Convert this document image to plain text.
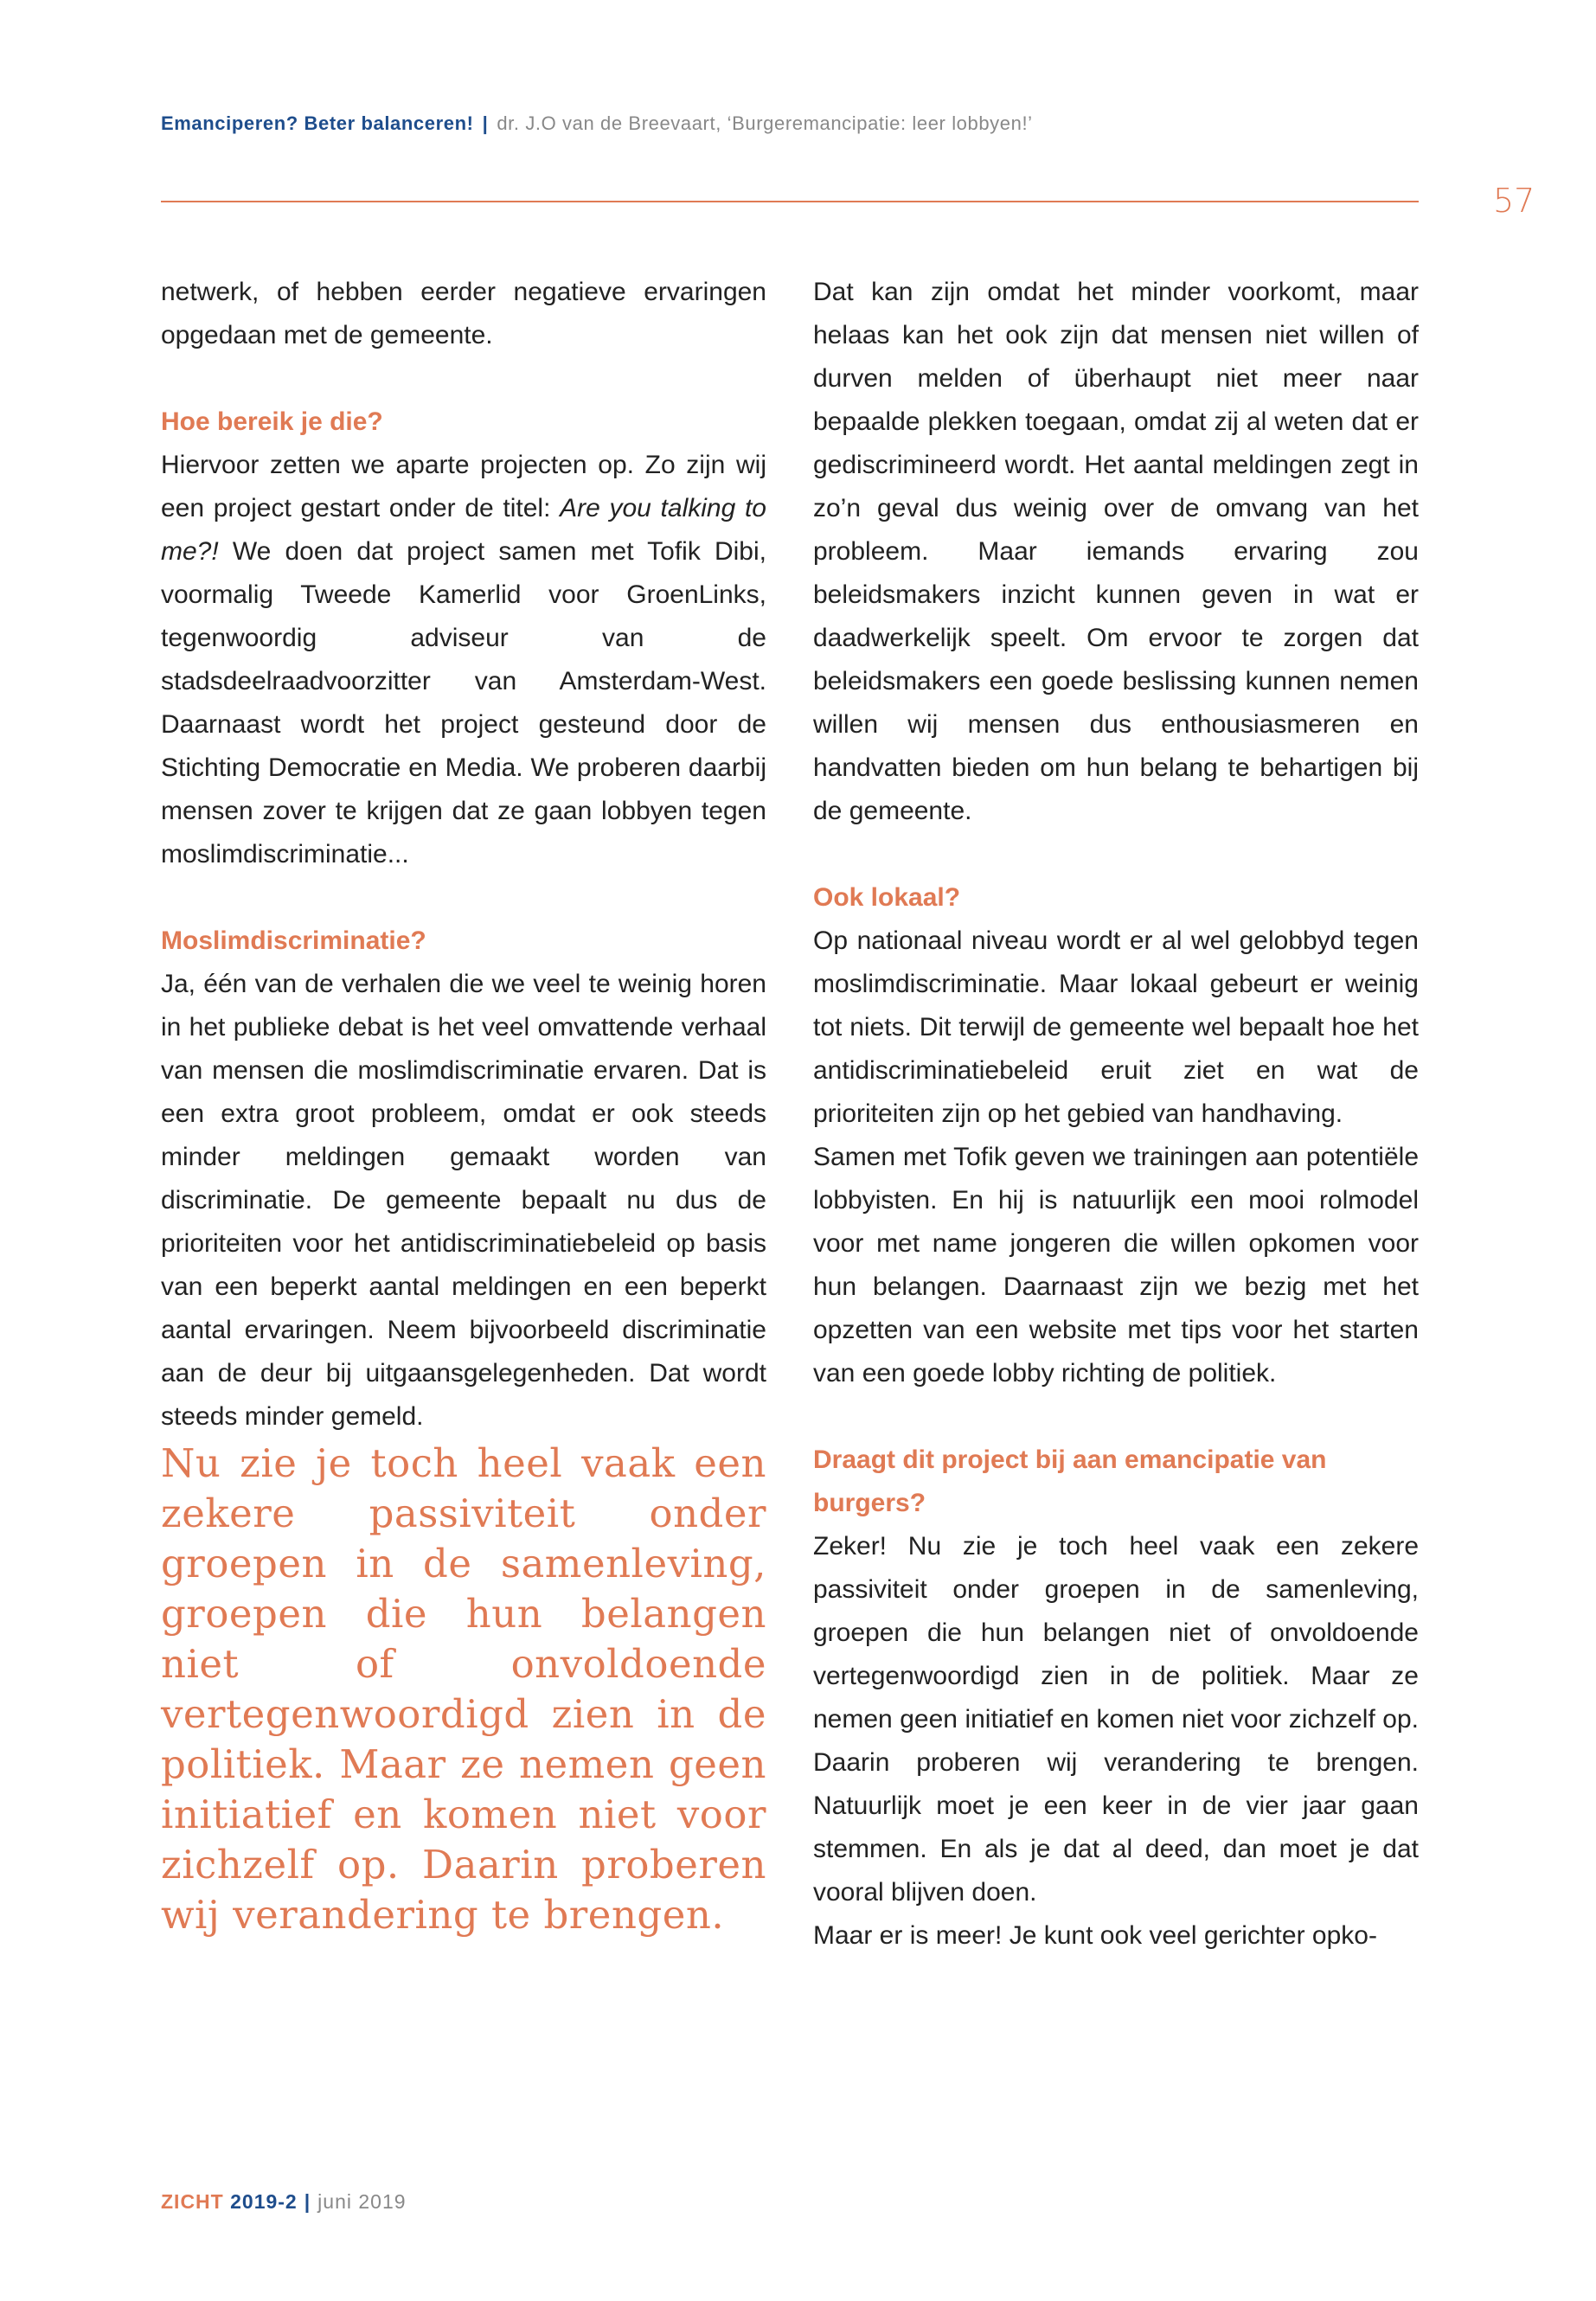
Emanciperen? Beter balanceren! | dr. J.O van de Breevaart, ‘Burgeremancipatie: leer lobbyen!’
57

netwerk, of hebben eerder negatieve ervaringen opgedaan met de gemeente.

Hoe bereik je die?

Hiervoor zetten we aparte projecten op. Zo zijn wij een project gestart onder de titel: Are you talking to me?! We doen dat project samen met Tofik Dibi, voormalig Tweede Kamerlid voor GroenLinks, tegenwoordig adviseur van de stadsdeelraadvoorzitter van Amsterdam-West. Daarnaast wordt het project gesteund door de Stichting Democratie en Media. We proberen daarbij mensen zover te krijgen dat ze gaan lobbyen tegen moslimdiscriminatie...

Moslimdiscriminatie?

Ja, één van de verhalen die we veel te weinig horen in het publieke debat is het veel omvattende verhaal van mensen die moslimdiscriminatie ervaren. Dat is een extra groot probleem, omdat er ook steeds minder meldingen gemaakt worden van discriminatie. De gemeente bepaalt nu dus de prioriteiten voor het antidiscriminatiebeleid op basis van een beperkt aantal meldingen en een beperkt aantal ervaringen. Neem bijvoorbeeld discriminatie aan de deur bij uitgaansgelegenheden. Dat wordt steeds minder gemeld.

Nu zie je toch heel vaak een zekere passiviteit onder groepen in de samenleving, groepen die hun belangen niet of onvoldoende vertegenwoordigd zien in de politiek. Maar ze nemen geen initiatief en komen niet voor zichzelf op. Daarin proberen wij verandering te brengen.

Dat kan zijn omdat het minder voorkomt, maar helaas kan het ook zijn dat mensen niet willen of durven melden of überhaupt niet meer naar bepaalde plekken toegaan, omdat zij al weten dat er gediscrimineerd wordt. Het aantal meldingen zegt in zo’n geval dus weinig over de omvang van het probleem. Maar iemands ervaring zou beleidsmakers inzicht kunnen geven in wat er daadwerkelijk speelt. Om ervoor te zorgen dat beleidsmakers een goede beslissing kunnen nemen willen wij mensen dus enthousiasmeren en handvatten bieden om hun belang te behartigen bij de gemeente.

Ook lokaal?

Op nationaal niveau wordt er al wel gelobbyd tegen moslimdiscriminatie. Maar lokaal gebeurt er weinig tot niets. Dit terwijl de gemeente wel bepaalt hoe het antidiscriminatiebeleid eruit ziet en wat de prioriteiten zijn op het gebied van handhaving.

Samen met Tofik geven we trainingen aan potentiële lobbyisten. En hij is natuurlijk een mooi rolmodel voor met name jongeren die willen opkomen voor hun belangen. Daarnaast zijn we bezig met het opzetten van een website met tips voor het starten van een goede lobby richting de politiek.

Draagt dit project bij aan emancipatie van burgers?

Zeker! Nu zie je toch heel vaak een zekere passiviteit onder groepen in de samenleving, groepen die hun belangen niet of onvoldoende vertegenwoordigd zien in de politiek. Maar ze nemen geen initiatief en komen niet voor zichzelf op. Daarin proberen wij verandering te brengen. Natuurlijk moet je een keer in de vier jaar gaan stemmen. En als je dat al deed, dan moet je dat vooral blijven doen.

Maar er is meer! Je kunt ook veel gerichter opko-

ZICHT 2019-2 | juni 2019
